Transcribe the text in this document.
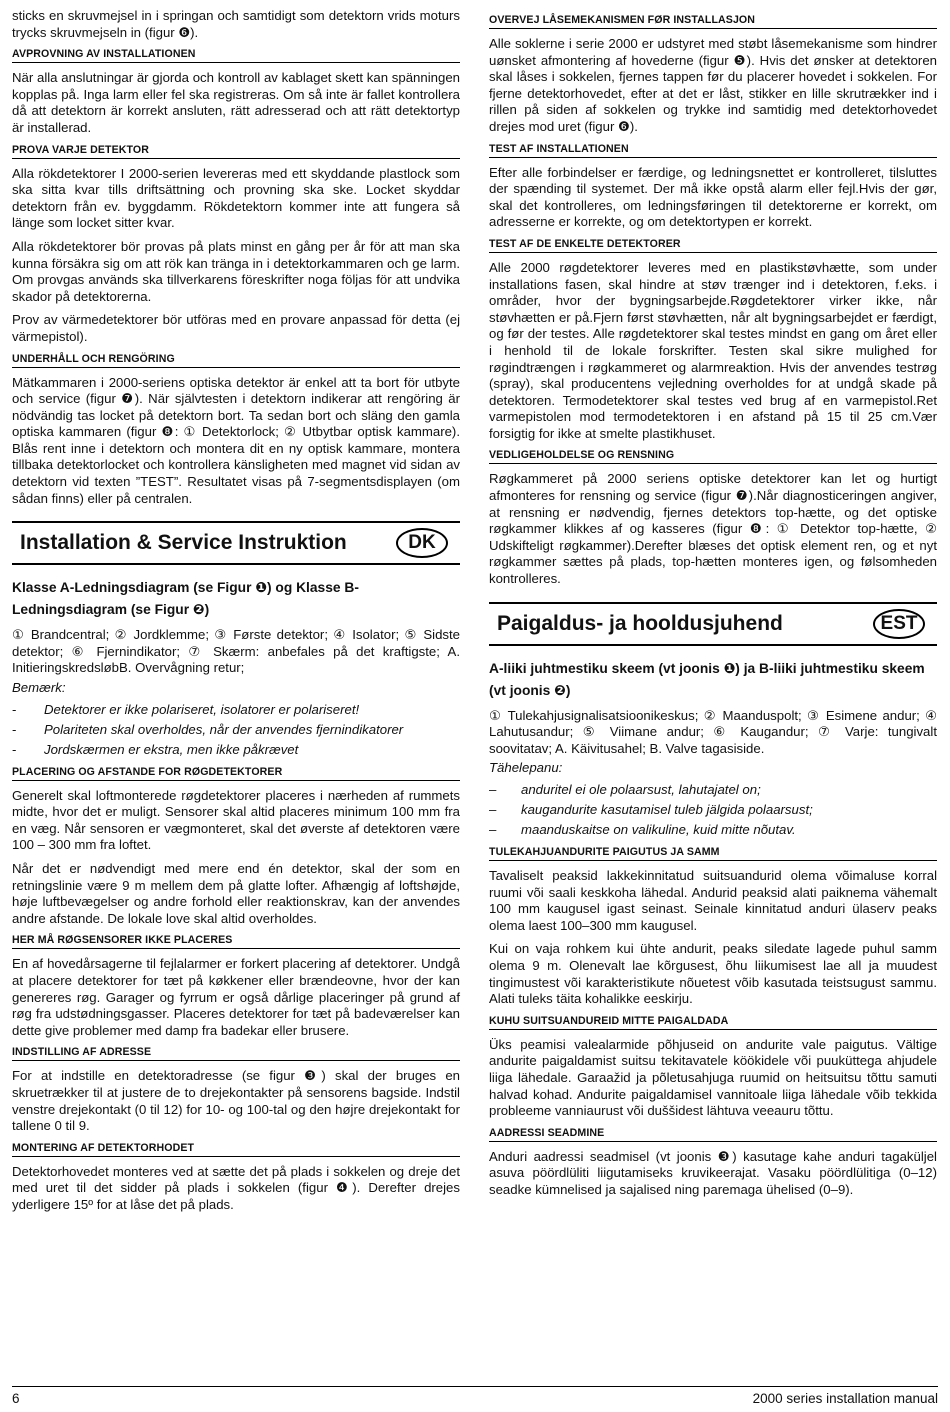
sticks en skruvmejsel in i springan och samtidigt som detektorn vrids moturs trycks skruvmejseln in (figur ❻).

AVPROVNING AV INSTALLATIONEN

När alla anslutningar är gjorda och kontroll av kablaget skett kan spänningen kopplas på. Inga larm eller fel ska registreras. Om så inte är fallet kontrollera då att detektorn är korrekt ansluten, rätt adresserad och att rätt detektortyp är installerad.

PROVA VARJE DETEKTOR

Alla rökdetektorer I 2000-serien levereras med ett skyddande plastlock som ska sitta kvar tills driftsättning och provning ska ske. Locket skyddar detektorn från ev. byggdamm. Rökdetektorn kommer inte att fungera så länge som locket sitter kvar.

Alla rökdetektorer bör provas på plats minst en gång per år för att man ska kunna försäkra sig om att rök kan tränga in i detektorkammaren och ge larm. Om provgas används ska tillverkarens föreskrifter noga följas för att undvika skador på detektorerna.

Prov av värmedetektorer bör utföras med en provare anpassad för detta (ej värmepistol).

UNDERHÅLL OCH RENGÖRING

Mätkammaren i 2000-seriens optiska detektor är enkel att ta bort för utbyte och service (figur ❼). När självtesten i detektorn indikerar att rengöring är nödvändig tas locket på detektorn bort. Ta sedan bort och släng den gamla optiska kammaren (figur ❽: ① Detektorlock; ② Utbytbar optisk kammare). Blås rent inne i detektorn och montera dit en ny optisk kammare, montera tillbaka detektorlocket och kontrollera känsligheten med magnet vid sidan av detektorn vid texten ”TEST”. Resultatet visas på 7-segmentsdisplayen (om sådan finns) eller på centralen.

Installation & Service Instruktion	DK
Klasse A-Ledningsdiagram (se Figur ❶) og Klasse B-Ledningsdiagram (se Figur ❷)

① Brandcentral; ② Jordklemme; ③ Første detektor; ④ Isolator; ⑤ Sidste detektor; ⑥ Fjernindikator; ⑦ Skærm: anbefales på det kraftigste; A. InitieringskredsløbB. Overvågning retur;

Bemærk:
- Detektorer er ikke polariseret, isolatorer er polariseret!
- Polariteten skal overholdes, når der anvendes fjernindikatorer
- Jordskærmen er ekstra, men ikke påkrævet
PLACERING OG AFSTANDE FOR RØGDETEKTORER

Generelt skal loftmonterede røgdetektorer placeres i nærheden af rummets midte, hvor det er muligt. Sensorer skal altid placeres minimum 100 mm fra en væg. Når sensoren er vægmonteret, skal det øverste af detektoren være 100 – 300 mm fra loftet.

Når det er nødvendigt med mere end én detektor, skal der som en retningslinie være 9 m mellem dem på glatte lofter. Afhængig af loftshøjde, høje luftbevægelser og andre forhold eller reaktionskrav, kan der anvendes andre afstande. De lokale love skal altid overholdes.

HER MÅ RØGSENSORER IKKE PLACERES

En af hovedårsagerne til fejlalarmer er forkert placering af detektorer. Undgå at placere detektorer for tæt på køkkener eller brændeovne, hvor der kan genereres røg. Garager og fyrrum er også dårlige placeringer på grund af røg fra udstødningsgasser. Placeres detektorer for tæt på badeværelser kan dette give problemer med damp fra badekar eller brusere.

INDSTILLING AF ADRESSE

For at indstille en detektoradresse (se figur ❸) skal der bruges en skruetrækker til at justere de to drejekontakter på sensorens bagside. Indstil venstre drejekontakt (0 til 12) for 10- og 100-tal og den højre drejekontakt for tallene 0 til 9.

MONTERING AF DETEKTORHODET

Detektorhovedet monteres ved at sætte det på plads i sokkelen og dreje det med uret til det sidder på plads i sokkelen (figur ❹). Derefter drejes yderligere 15º for at låse det på plads.

OVERVEJ LÅSEMEKANISMEN FØR INSTALLASJON

Alle soklerne i serie 2000 er udstyret med støbt låsemekanisme som hindrer uønsket afmontering af hovederne (figur ❺). Hvis det ønsker at detektoren skal låses i sokkelen, fjernes tappen før du placerer hovedet i sokkelen. For fjerne detektorhovedet, efter at det er låst, stikker en lille skrutrækker ind i rillen på siden af sokkelen og trykke ind samtidig med detektorhovedet drejes mod uret (figur ❻).

TEST AF INSTALLATIONEN

Efter alle forbindelser er færdige, og ledningsnettet er kontrolleret, tilsluttes der spænding til systemet. Der må ikke opstå alarm eller fejl.Hvis der gør, skal det kontrolleres, om ledningsføringen til detektorerne er korrekt, om adresserne er korrekte, og om detektortypen er korrekt.

TEST AF DE ENKELTE DETEKTORER

Alle 2000 røgdetektorer leveres med en plastikstøvhætte, som under installations fasen, skal hindre at støv trænger ind i detektoren, f.eks. i områder, hvor der bygningsarbejde.Røgdetektorer virker ikke, når støvhætten er på.Fjern først støvhætten, når alt bygningsarbejdet er færdigt, og før der testes. Alle røgdetektorer skal testes mindst en gang om året eller i henhold til de lokale forskrifter. Testen skal sikre mulighed for røgindtrængen i røgkammeret og alarmreaktion. Hvis der anvendes testrøg (spray), skal producentens vejledning overholdes for at undgå skade på detektoren. Termodetektorer skal testes ved brug af en varmepistol.Ret varmepistolen mod termodetektoren i en afstand på 15 til 25 cm.Vær forsigtig for ikke at smelte plastikhuset.

VEDLIGEHOLDELSE OG RENSNING

Røgkammeret på 2000 seriens optiske detektorer kan let og hurtigt afmonteres for rensning og service (figur ❼).Når diagnosticeringen angiver, at rensning er nødvendig, fjernes detektors top-hætte, og det optiske røgkammer klikkes af og kasseres (figur ❽: ① Detektor top-hætte, ② Udskifteligt røgkammer).Derefter blæses det optisk element ren, og et nyt røgkammer sættes på plads, top-hætten monteres igen, og følsomheden kontrolleres.

Paigaldus- ja hooldusjuhend	EST
A-liiki juhtmestiku skeem (vt joonis ❶) ja B-liiki juhtmestiku skeem (vt joonis ❷)

① Tulekahjusignalisatsioonikeskus; ② Maanduspolt; ③ Esimene andur; ④ Lahutusandur; ⑤ Viimane andur; ⑥ Kaugandur; ⑦ Varje: tungivalt soovitatav; A. Käivitusahel; B. Valve tagasiside.

Tähelepanu:
– anduritel ei ole polaarsust, lahutajatel on;
– kaugandurite kasutamisel tuleb jälgida polaarsust;
– maanduskaitse on valikuline, kuid mitte nõutav.
TULEKAHJUANDURITE PAIGUTUS JA SAMM

Tavaliselt peaksid lakkekinnitatud suitsuandurid olema võimaluse korral ruumi või saali keskkoha lähedal. Andurid peaksid alati paiknema vähemalt 100 mm kaugusel igast seinast. Seinale kinnitatud anduri ülaserv peaks olema laest 100–300 mm kaugusel.

Kui on vaja rohkem kui ühte andurit, peaks siledate lagede puhul samm olema 9 m. Olenevalt lae kõrgusest, õhu liikumisest lae all ja muudest tingimustest või karakteristikute nõuetest võib kasutada teistsugust sammu. Alati tuleks täita kohalikke eeskirju.

KUHU SUITSUANDUREID MITTE PAIGALDADA

Üks peamisi valealarmide põhjuseid on andurite vale paigutus. Vältige andurite paigaldamist suitsu tekitavatele köökidele või puuküttega ahjudele liiga lähedale. Garaažid ja põletusahjuga ruumid on heitsuitsu tõttu samuti halvad kohad. Andurite paigaldamisel vannitoale liiga lähedale võib tekkida probleeme vanniaurust või duššidest lähtuva veeauru tõttu.

AADRESSI SEADMINE

Anduri aadressi seadmisel (vt joonis ❸) kasutage kahe anduri tagaküljel asuva pöördlüliti liigutamiseks kruvikeerajat. Vasaku pöördlülitiga (0–12) seadke kümnelised ja sajalised ning paremaga ühelised (0–9).

6	2000 series installation manual
